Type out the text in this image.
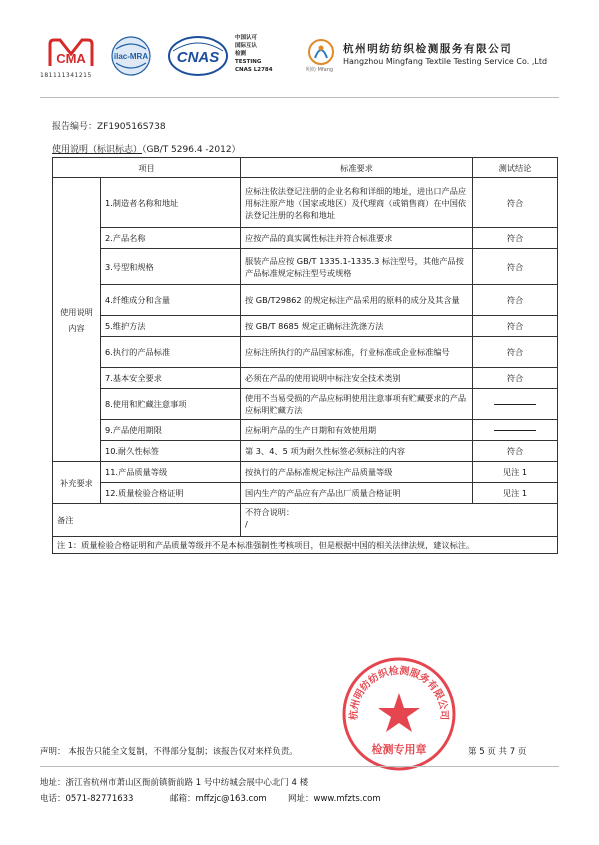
CMA
181111341215
ilac-MRA CNAS
中国认可
国际互认
检测
TESTING
CNAS L2784	明纺 Mfang
杭州明纺纺织检测服务有限公司
Hangzhou Mingfang Textile Testing Service Co. ,Ltd
报告编号：ZF190516S738
使用说明（标识标志）（GB/T 5296.4 -2012）
项目		标准要求	测试结论
使用说明内容	1.制造者名称和地址	应标注依法登记注册的企业名称和详细的地址，进出口产品应用标注原产地（国家或地区）及代理商（或销售商）在中国依法登记注册的名称和地址	符合
	2.产品名称	应按产品的真实属性标注并符合标准要求	符合
	3.号型和规格	服装产品应按 GB/T 1335.1-1335.3 标注型号，其他产品按产品标准规定标注型号或规格	符合
	4.纤维成分和含量	按 GB/T29862 的规定标注产品采用的原料的成分及其含量	符合
	5.维护方法	按 GB/T 8685 规定正确标注洗涤方法	符合
	6.执行的产品标准	应标注所执行的产品国家标准，行业标准或企业标准编号	符合
	7.基本安全要求	必须在产品的使用说明中标注安全技术类别	符合
	8.使用和贮藏注意事项	使用不当易受损的产品应标明使用注意事项有贮藏要求的产品应标明贮藏方法	
	9.产品使用期限	应标明产品的生产日期和有效使用期	
	10.耐久性标签	第 3、4、5 项为耐久性标签必须标注的内容	符合
补充要求	11.产品质量等级	按执行的产品标准规定标注产品质量等级	见注 1
	12.质量检验合格证明	国内生产的产品应有产品出厂质量合格证明	见注 1
备注		不符合说明：
/	

注 1：质量检验合格证明和产品质量等级并不是本标准强制性考核项目，但是根据中国的相关法律法规，建议标注。			
杭州明纺纺织检测服务有限公司
检测专用章
声明： 本报告只能全文复制，不得部分复制；该报告仅对来样负责。	第 5 页 共 7 页
地址：浙江省杭州市萧山区衙前镇衙前路 1 号中纺城会展中心北门 4 楼
电话：0571-82771633	邮箱：mffzjc@163.com	网址：www.mfzts.com
